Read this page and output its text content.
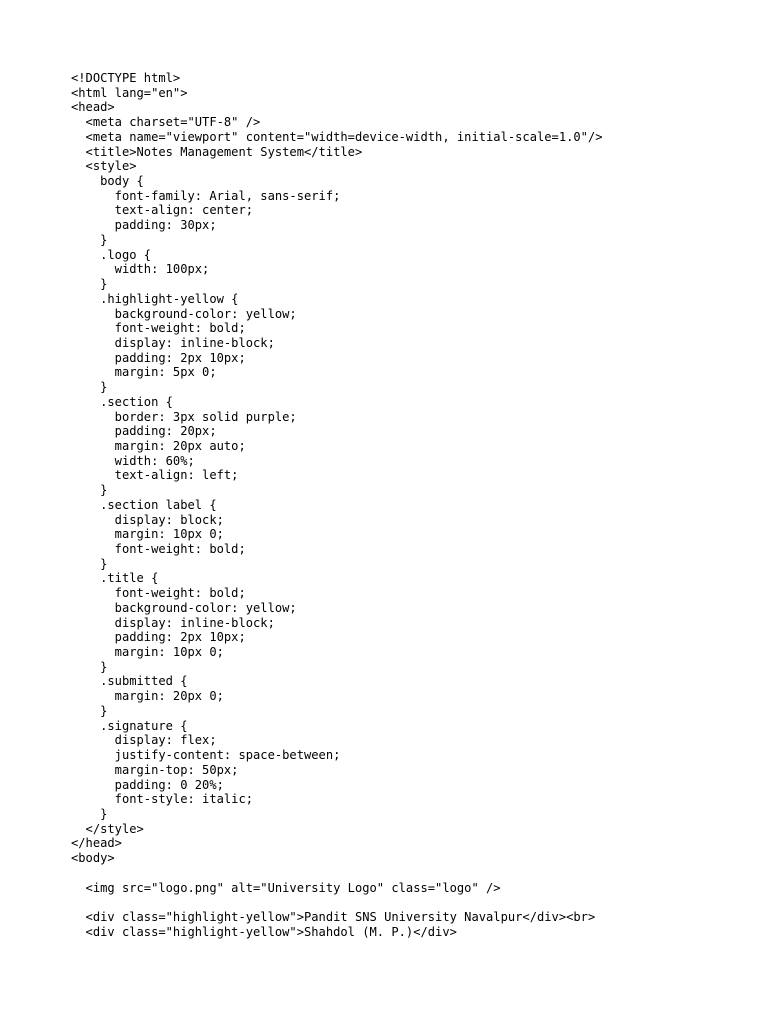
<!DOCTYPE html>
<html lang="en">
<head>
<meta charset="UTF-8" />
<meta name="viewport" content="width=device-width, initial-scale=1.0"/>
<title>Notes Management System</title>
<style>
body {
font-family: Arial, sans-serif;
text-align: center;
padding: 30px;
}
.logo {
width: 100px;
}
.highlight-yellow {
background-color: yellow;
font-weight: bold;
display: inline-block;
padding: 2px 10px;
margin: 5px 0;
}
.section {
border: 3px solid purple;
padding: 20px;
margin: 20px auto;
width: 60%;
text-align: left;
}
.section label {
display: block;
margin: 10px 0;
font-weight: bold;
}
.title {
font-weight: bold;
background-color: yellow;
display: inline-block;
padding: 2px 10px;
margin: 10px 0;
}
.submitted {
margin: 20px 0;
}
.signature {
display: flex;
justify-content: space-between;
margin-top: 50px;
padding: 0 20%;
font-style: italic;
}
</style>
</head>
<body>
<img src="logo.png" alt="University Logo" class="logo" />
<div class="highlight-yellow">Pandit SNS University Navalpur</div><br>
<div class="highlight-yellow">Shahdol (M. P.)</div>
